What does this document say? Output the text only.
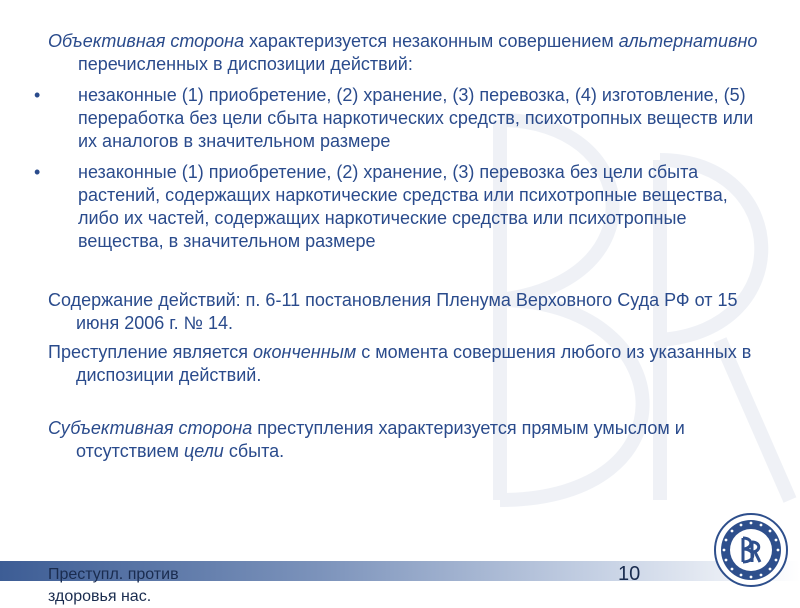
Объективная сторона характеризуется незаконным совершением альтернативно перечисленных в диспозиции действий:

• незаконные (1) приобретение, (2) хранение, (3) перевозка, (4) изготовление, (5) переработка без цели сбыта наркотических средств, психотропных веществ или их аналогов в значительном размере
• незаконные (1) приобретение, (2) хранение, (3) перевозка без цели сбыта растений, содержащих наркотические средства или психотропные вещества, либо их частей, содержащих наркотические средства или психотропные вещества, в значительном размере

Содержание действий: п. 6-11 постановления Пленума Верховного Суда РФ от 15 июня 2006 г. № 14.

Преступление является оконченным с момента совершения любого из указанных в диспозиции действий.

Субъективная сторона преступления характеризуется прямым умыслом и отсутствием цели сбыта.

Преступл. против здоровья нас.
10
